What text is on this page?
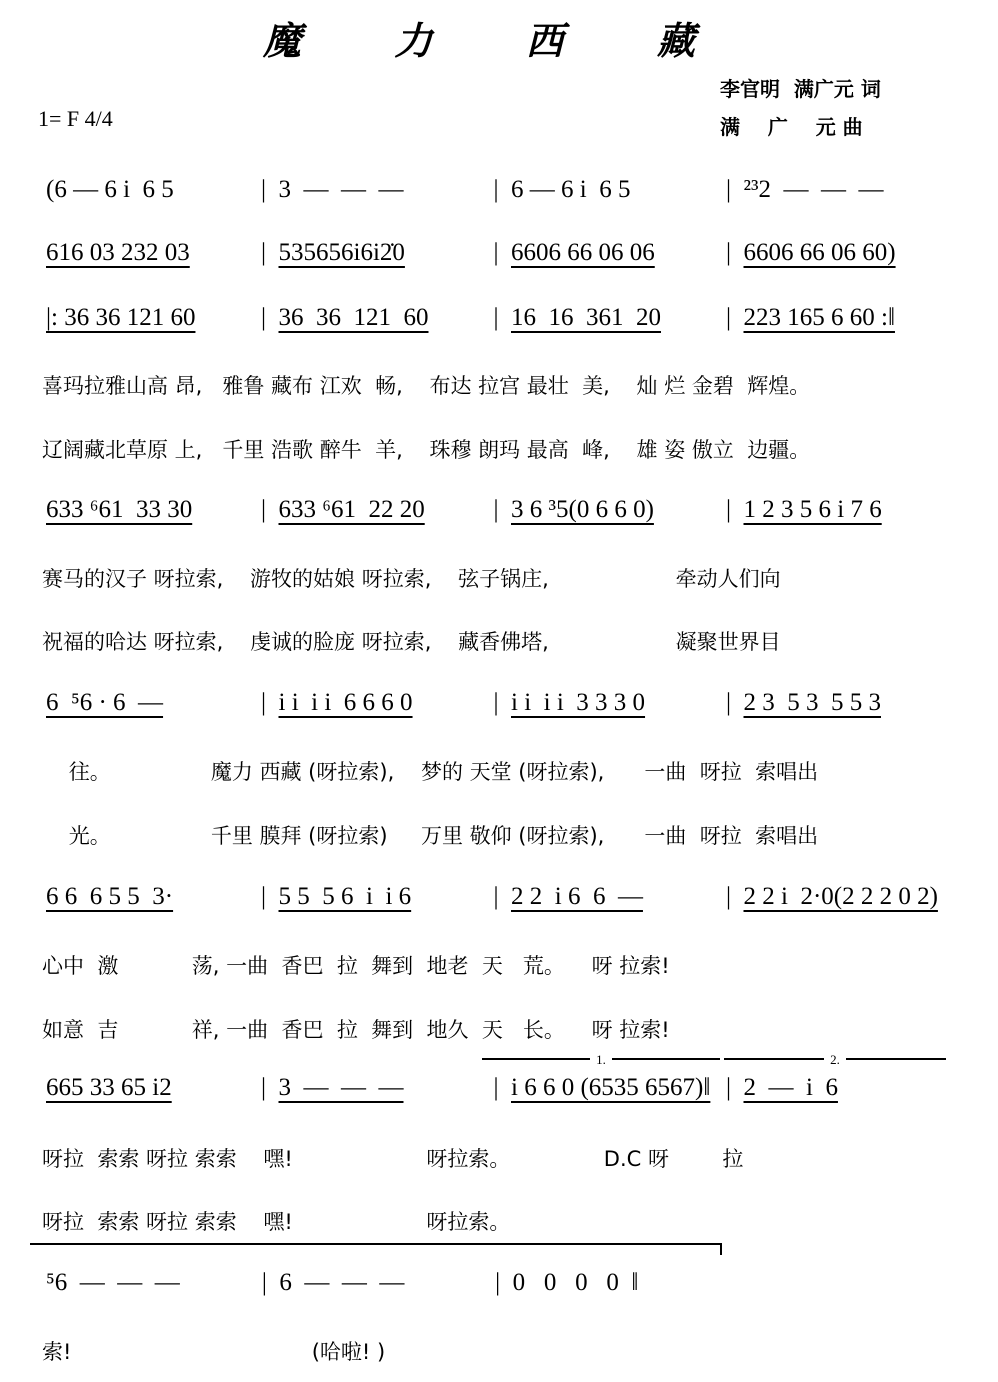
魔 力 西 藏
李官明  满广元 词
满    广    元 曲
1= F 4/4
(6 — 6 i  6 5	| 3  —  —  —	| 6 — 6 i  6 5	| ²³2  —  —  —
616 03 232 03	| 535656i6i2̇0	| 6606 66 06 06	| 6606 66 06 60)
|: 36 36 121 60	| 36  36  121  60	| 16  16  361  20	| 223 165 6 60 :‖
喜玛拉雅山高 昂,   雅鲁 藏布 江欢  畅,    布达 拉宫 最壮  美,    灿 烂 金碧  辉煌。
辽阔藏北草原 上,   千里 浩歌 醉牛  羊,    珠穆 朗玛 最高  峰,    雄 姿 傲立  边疆。
633 ⁶61  33 30	| 633 ⁶61  22 20	| 3 6 ³5(0 6 6 0)	| 1 2 3 5 6 i 7 6
赛马的汉子 呀拉索,    游牧的姑娘 呀拉索,    弦子锅庄,                   牵动人们向
祝福的哈达 呀拉索,    虔诚的脸庞 呀拉索,    藏香佛塔,                   凝聚世界目
6  ⁵6 · 6  —	| i i  i i  6 6 6 0	| i i  i i  3 3 3 0	| 2 3  5 3  5 5 3
往。               魔力 西藏 (呀拉索),    梦的 天堂 (呀拉索),      一曲  呀拉  索唱出
光。               千里 膜拜 (呀拉索)     万里 敬仰 (呀拉索),      一曲  呀拉  索唱出
6 6  6 5 5  3·	| 5 5  5 6  i  i 6	| 2 2  i 6  6  —	| 2 2 i  2·0(2 2 2 0 2)
心中  激           荡, 一曲  香巴  拉  舞到  地老  天   荒。    呀 拉索!
如意  吉           祥, 一曲  香巴  拉  舞到  地久  天   长。    呀 拉索!
665 33 65 i2	| 3  —  —  —	| i 6 6 0 (6535 6567)‖ | 2  —  i  6
1.	2.
呀拉  索索 呀拉 索索    嘿!                    呀拉索。              D.C 呀        拉
呀拉  索索 呀拉 索索    嘿!                    呀拉索。
⁵6  —  —  —	| 6  —  —  —	| 0   0   0   0  ‖
索!                                    (哈啦! )
